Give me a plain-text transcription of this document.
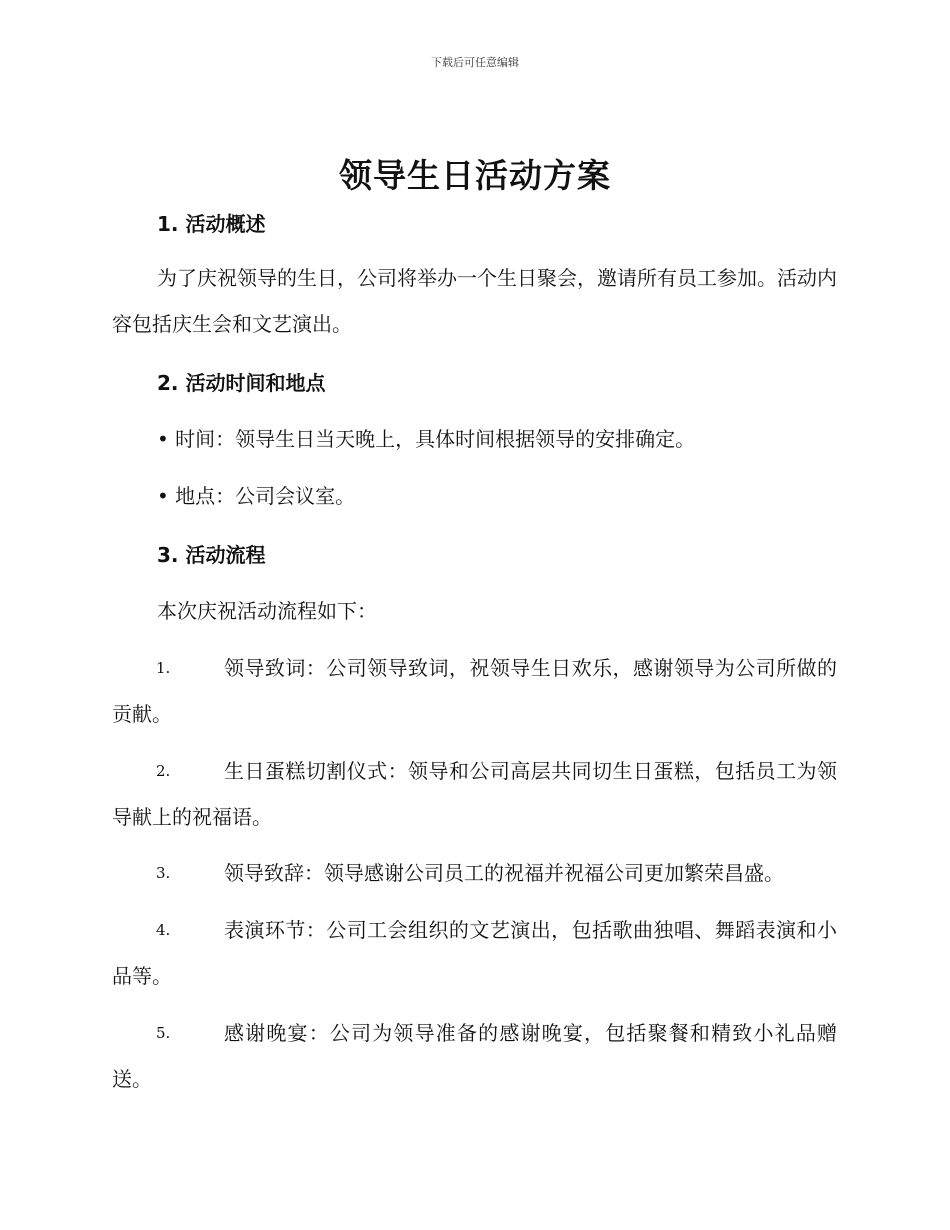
下载后可任意编辑
领导生日活动方案
1. 活动概述
为了庆祝领导的生日，公司将举办一个生日聚会，邀请所有员工参加。活动内容包括庆生会和文艺演出。
2. 活动时间和地点
• 时间：领导生日当天晚上，具体时间根据领导的安排确定。
• 地点：公司会议室。
3. 活动流程
本次庆祝活动流程如下：
1.	领导致词：公司领导致词，祝领导生日欢乐，感谢领导为公司所做的贡献。
2.	生日蛋糕切割仪式：领导和公司高层共同切生日蛋糕，包括员工为领导献上的祝福语。
3.	领导致辞：领导感谢公司员工的祝福并祝福公司更加繁荣昌盛。
4.	表演环节：公司工会组织的文艺演出，包括歌曲独唱、舞蹈表演和小品等。
5.	感谢晚宴：公司为领导准备的感谢晚宴，包括聚餐和精致小礼品赠送。
